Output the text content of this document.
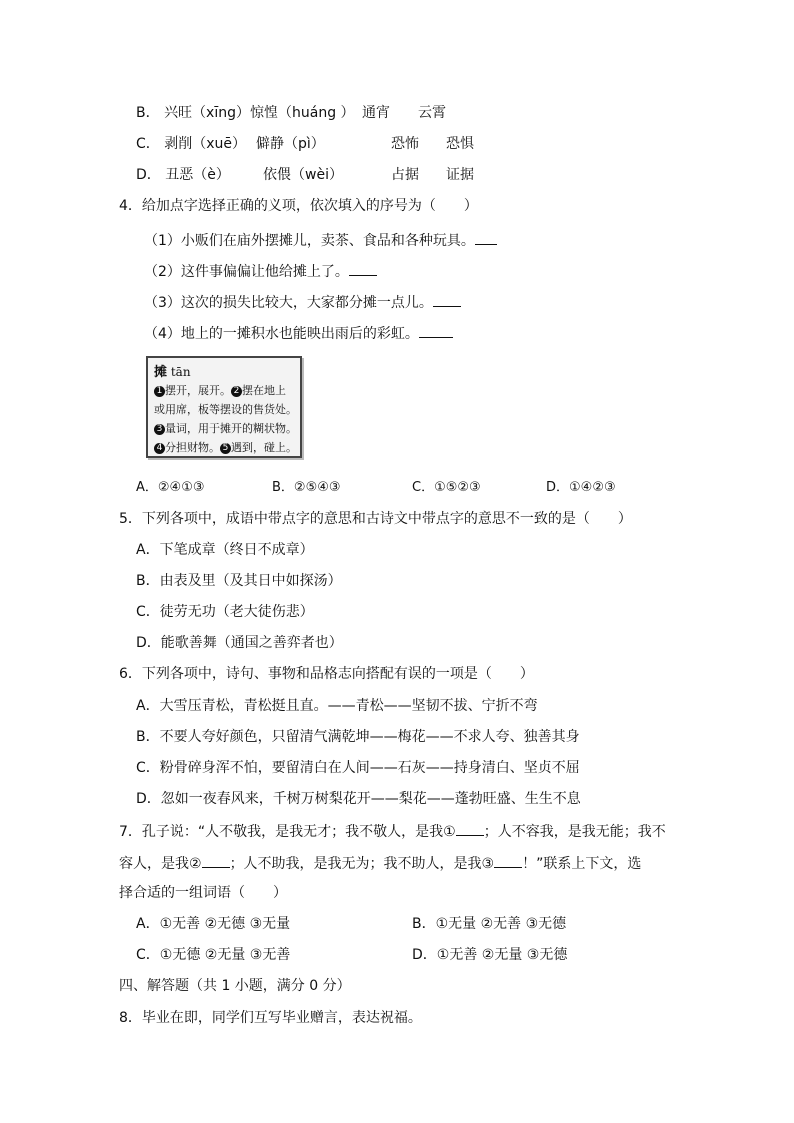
B． 兴旺（xīng） 惊惶（huáng ） 通宵 云霄
C． 剥削（xuē） 僻静（pì）	恐怖 恐惧
D． 丑恶（è） 依偎（wèi）	占据 证据
4．给加点字选择正确的义项，依次填入的序号为（　　）
（1）小贩们在庙外摆摊儿，卖茶、食品和各种玩具。
（2）这件事偏偏让他给摊上了。
（3）这次的损失比较大，大家都分摊一点儿。
（4）地上的一摊积水也能映出雨后的彩虹。
摊 tān
1 摆开，展开。 2 摆在地上
或用席，板等摆设的售货处。
3 量词，用于摊开的糊状物。
4 分担财物。 5 遇到，碰上。
A．②④①③	B．②⑤④③	C．①⑤②③	D．①④②③
5．下列各项中，成语中带点字的意思和古诗文中带点字的意思不一致的是（　　）
A．下笔成章（终日不成章）
B．由表及里（及其日中如探汤）
C．徒劳无功（老大徒伤悲）
D．能歌善舞（通国之善弈者也）
6．下列各项中，诗句、事物和品格志向搭配有误的一项是（　　）
A．大雪压青松，青松挺且直。——青松——坚韧不拔、宁折不弯
B．不要人夸好颜色，只留清气满乾坤——梅花——不求人夸、独善其身
C．粉骨碎身浑不怕，要留清白在人间——石灰——持身清白、坚贞不屈
D．忽如一夜春风来，千树万树梨花开——梨花——蓬勃旺盛、生生不息
7．孔子说：“人不敬我，是我无才；我不敬人，是我① ；人不容我，是我无能；我不
容人，是我② ；人不助我，是我无为；我不助人，是我③ ！”联系上下文，选
择合适的一组词语（　　）
A．①无善 ②无德 ③无量	B．①无量 ②无善 ③无德
C．①无德 ②无量 ③无善	D．①无善 ②无量 ③无德
四、解答题（共 1 小题，满分 0 分）
8．毕业在即，同学们互写毕业赠言，表达祝福。
